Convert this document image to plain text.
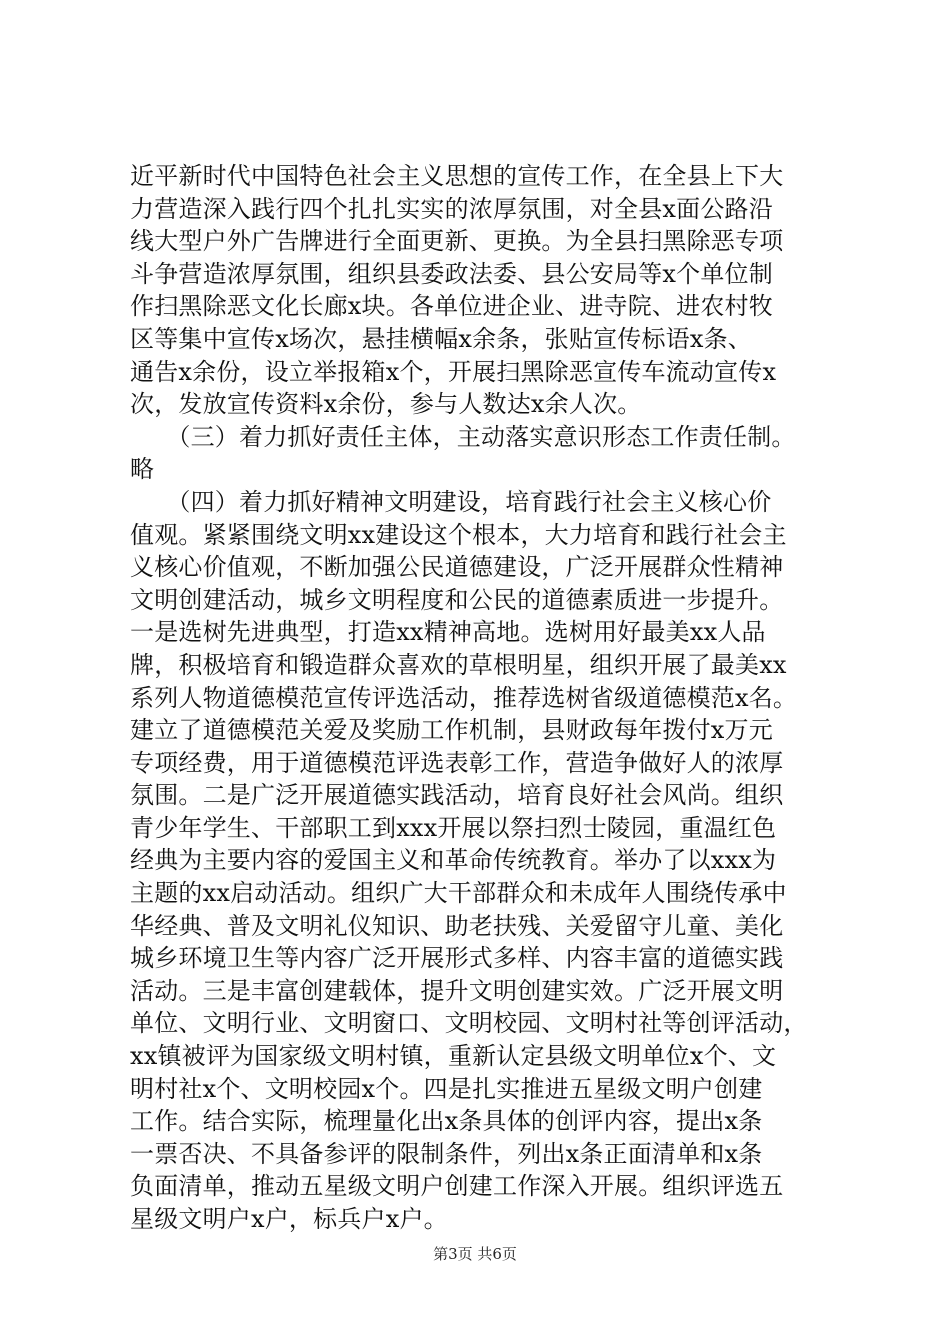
近平新时代中国特色社会主义思想的宣传工作，在全县上下大
力营造深入践行四个扎扎实实的浓厚氛围，对全县x面公路沿
线大型户外广告牌进行全面更新、更换。为全县扫黑除恶专项
斗争营造浓厚氛围，组织县委政法委、县公安局等x个单位制
作扫黑除恶文化长廊x块。各单位进企业、进寺院、进农村牧
区等集中宣传x场次，悬挂横幅x余条，张贴宣传标语x条、
通告x余份，设立举报箱x个，开展扫黑除恶宣传车流动宣传x
次，发放宣传资料x余份，参与人数达x余人次。
　　（三）着力抓好责任主体，主动落实意识形态工作责任制。
略
　　（四）着力抓好精神文明建设，培育践行社会主义核心价
值观。紧紧围绕文明xx建设这个根本，大力培育和践行社会主
义核心价值观，不断加强公民道德建设，广泛开展群众性精神
文明创建活动，城乡文明程度和公民的道德素质进一步提升。
一是选树先进典型，打造xx精神高地。选树用好最美xx人品
牌，积极培育和锻造群众喜欢的草根明星，组织开展了最美xx
系列人物道德模范宣传评选活动，推荐选树省级道德模范x名。
建立了道德模范关爱及奖励工作机制，县财政每年拨付x万元
专项经费，用于道德模范评选表彰工作，营造争做好人的浓厚
氛围。二是广泛开展道德实践活动，培育良好社会风尚。组织
青少年学生、干部职工到xxx开展以祭扫烈士陵园，重温红色
经典为主要内容的爱国主义和革命传统教育。举办了以xxx为
主题的xx启动活动。组织广大干部群众和未成年人围绕传承中
华经典、普及文明礼仪知识、助老扶残、关爱留守儿童、美化
城乡环境卫生等内容广泛开展形式多样、内容丰富的道德实践
活动。三是丰富创建载体，提升文明创建实效。广泛开展文明
单位、文明行业、文明窗口、文明校园、文明村社等创评活动，
xx镇被评为国家级文明村镇，重新认定县级文明单位x个、文
明村社x个、文明校园x个。四是扎实推进五星级文明户创建
工作。结合实际，梳理量化出x条具体的创评内容，提出x条
一票否决、不具备参评的限制条件，列出x条正面清单和x条
负面清单，推动五星级文明户创建工作深入开展。组织评选五
星级文明户x户，标兵户x户。
第3页 共6页
